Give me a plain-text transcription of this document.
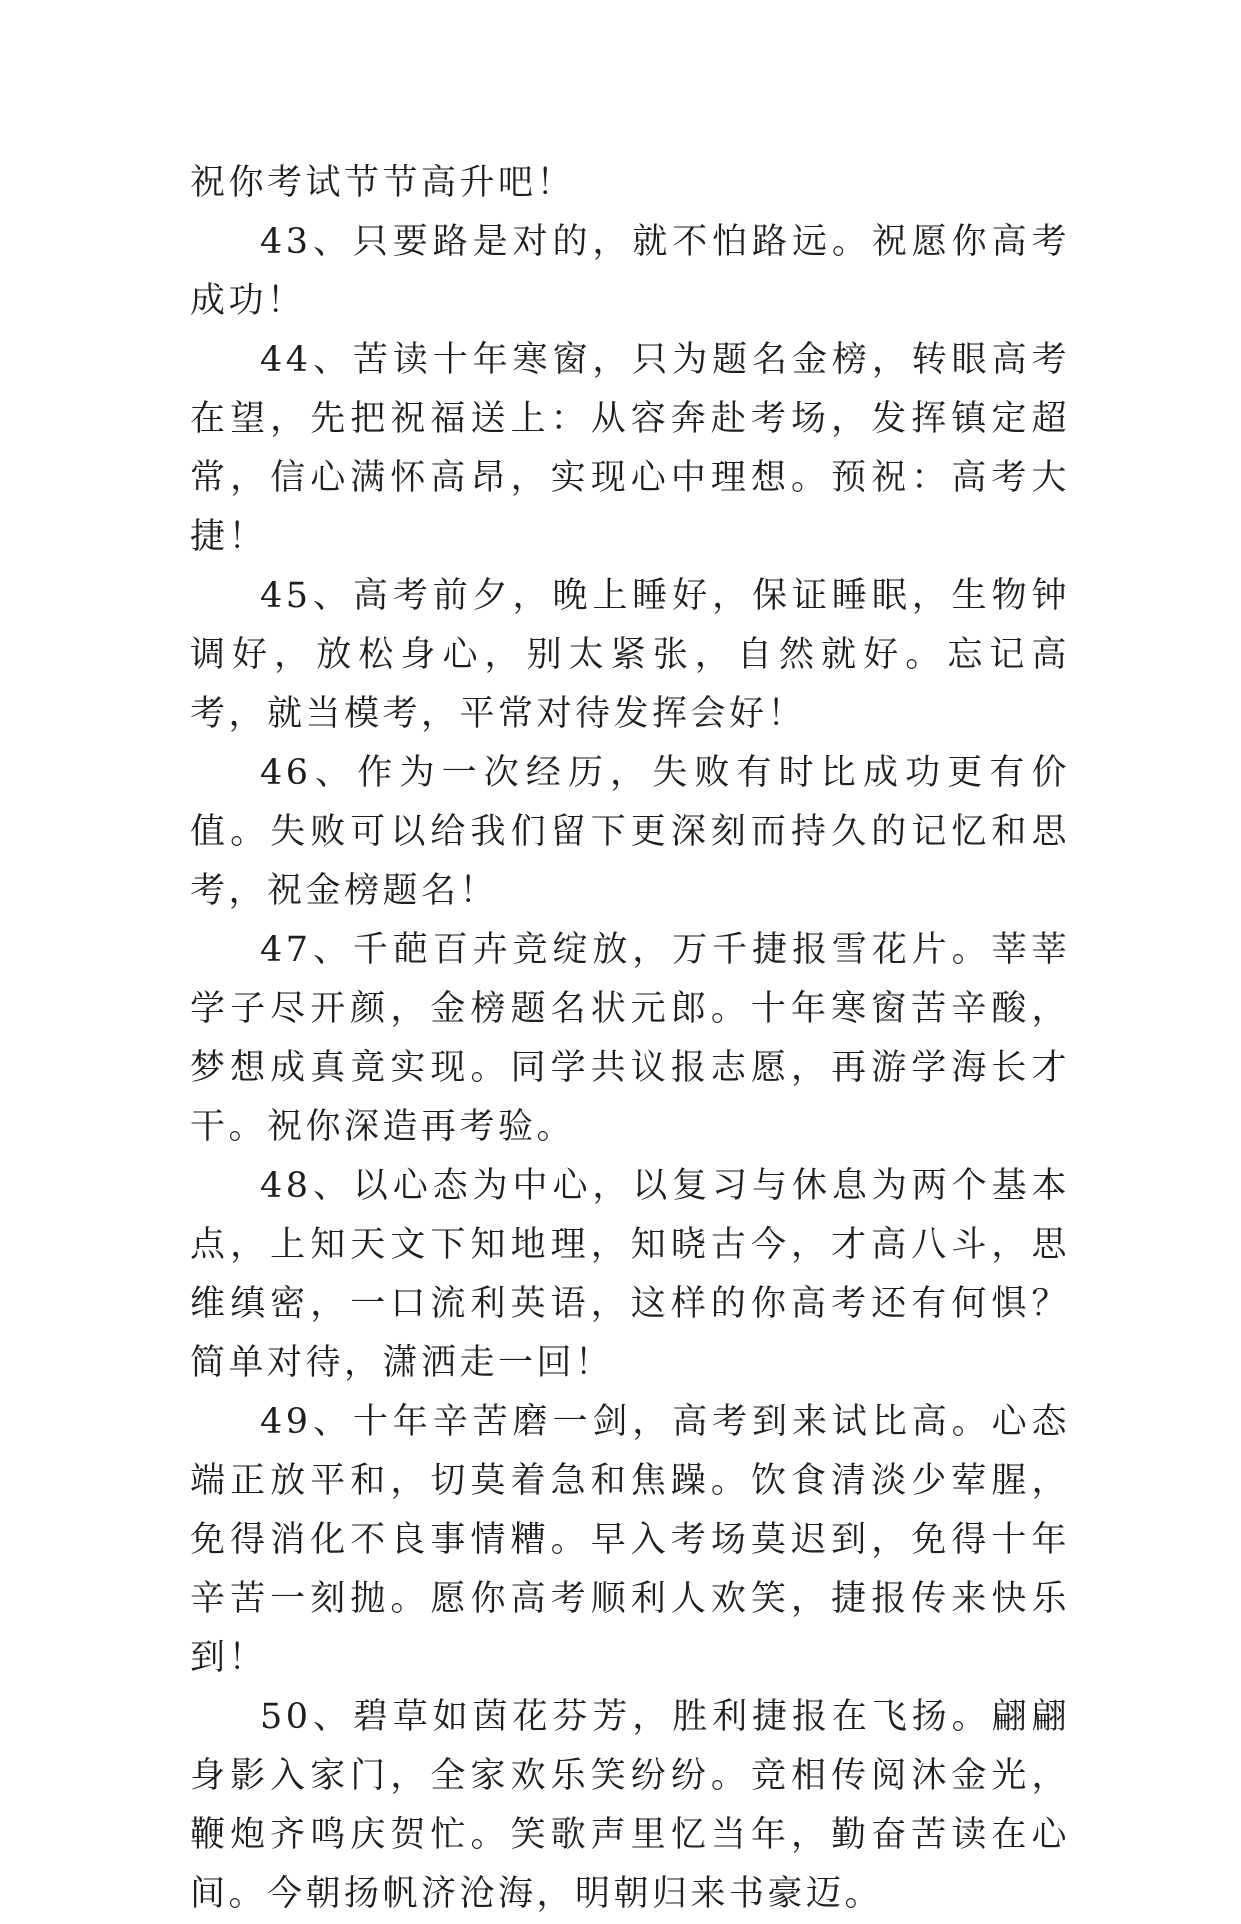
祝你考试节节高升吧！

43、只要路是对的，就不怕路远。祝愿你高考成功！

44、苦读十年寒窗，只为题名金榜，转眼高考在望，先把祝福送上：从容奔赴考场，发挥镇定超常，信心满怀高昂，实现心中理想。预祝：高考大捷！

45、高考前夕，晚上睡好，保证睡眠，生物钟调好，放松身心，别太紧张，自然就好。忘记高考，就当模考，平常对待发挥会好！

46、作为一次经历，失败有时比成功更有价值。失败可以给我们留下更深刻而持久的记忆和思考，祝金榜题名！

47、千葩百卉竞绽放，万千捷报雪花片。莘莘学子尽开颜，金榜题名状元郎。十年寒窗苦辛酸，梦想成真竟实现。同学共议报志愿，再游学海长才干。祝你深造再考验。

48、以心态为中心，以复习与休息为两个基本点，上知天文下知地理，知晓古今，才高八斗，思维缜密，一口流利英语，这样的你高考还有何惧？简单对待，潇洒走一回！

49、十年辛苦磨一剑，高考到来试比高。心态端正放平和，切莫着急和焦躁。饮食清淡少荤腥，免得消化不良事情糟。早入考场莫迟到，免得十年辛苦一刻抛。愿你高考顺利人欢笑，捷报传来快乐到！

50、碧草如茵花芬芳，胜利捷报在飞扬。翩翩身影入家门，全家欢乐笑纷纷。竞相传阅沐金光，鞭炮齐鸣庆贺忙。笑歌声里忆当年，勤奋苦读在心间。今朝扬帆济沧海，明朝归来书豪迈。
